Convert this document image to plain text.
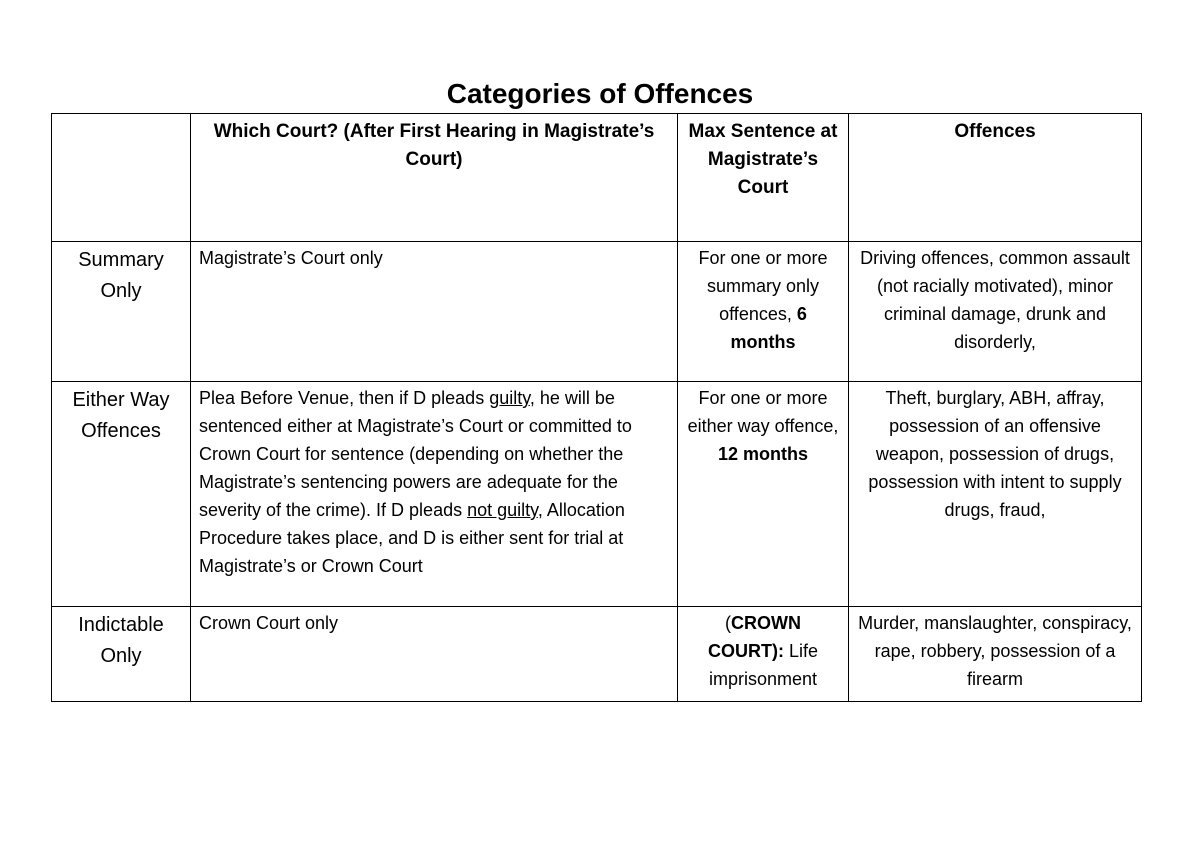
Categories of Offences
	Which Court? (After First Hearing in Magistrate’s Court)	Max Sentence at Magistrate’s Court	Offences
Summary Only	Magistrate’s Court only	For one or more summary only offences, 6 months	Driving offences, common assault (not racially motivated), minor criminal damage, drunk and disorderly,
Either Way Offences	Plea Before Venue, then if D pleads guilty, he will be sentenced either at Magistrate’s Court or committed to Crown Court for sentence (depending on whether the Magistrate’s sentencing powers are adequate for the severity of the crime). If D pleads not guilty, Allocation Procedure takes place, and D is either sent for trial at Magistrate’s or Crown Court	For one or more either way offence, 12 months	Theft, burglary, ABH, affray, possession of an offensive weapon, possession of drugs, possession with intent to supply drugs, fraud,
Indictable Only	Crown Court only	(CROWN COURT): Life imprisonment	Murder, manslaughter, conspiracy, rape, robbery, possession of a firearm
